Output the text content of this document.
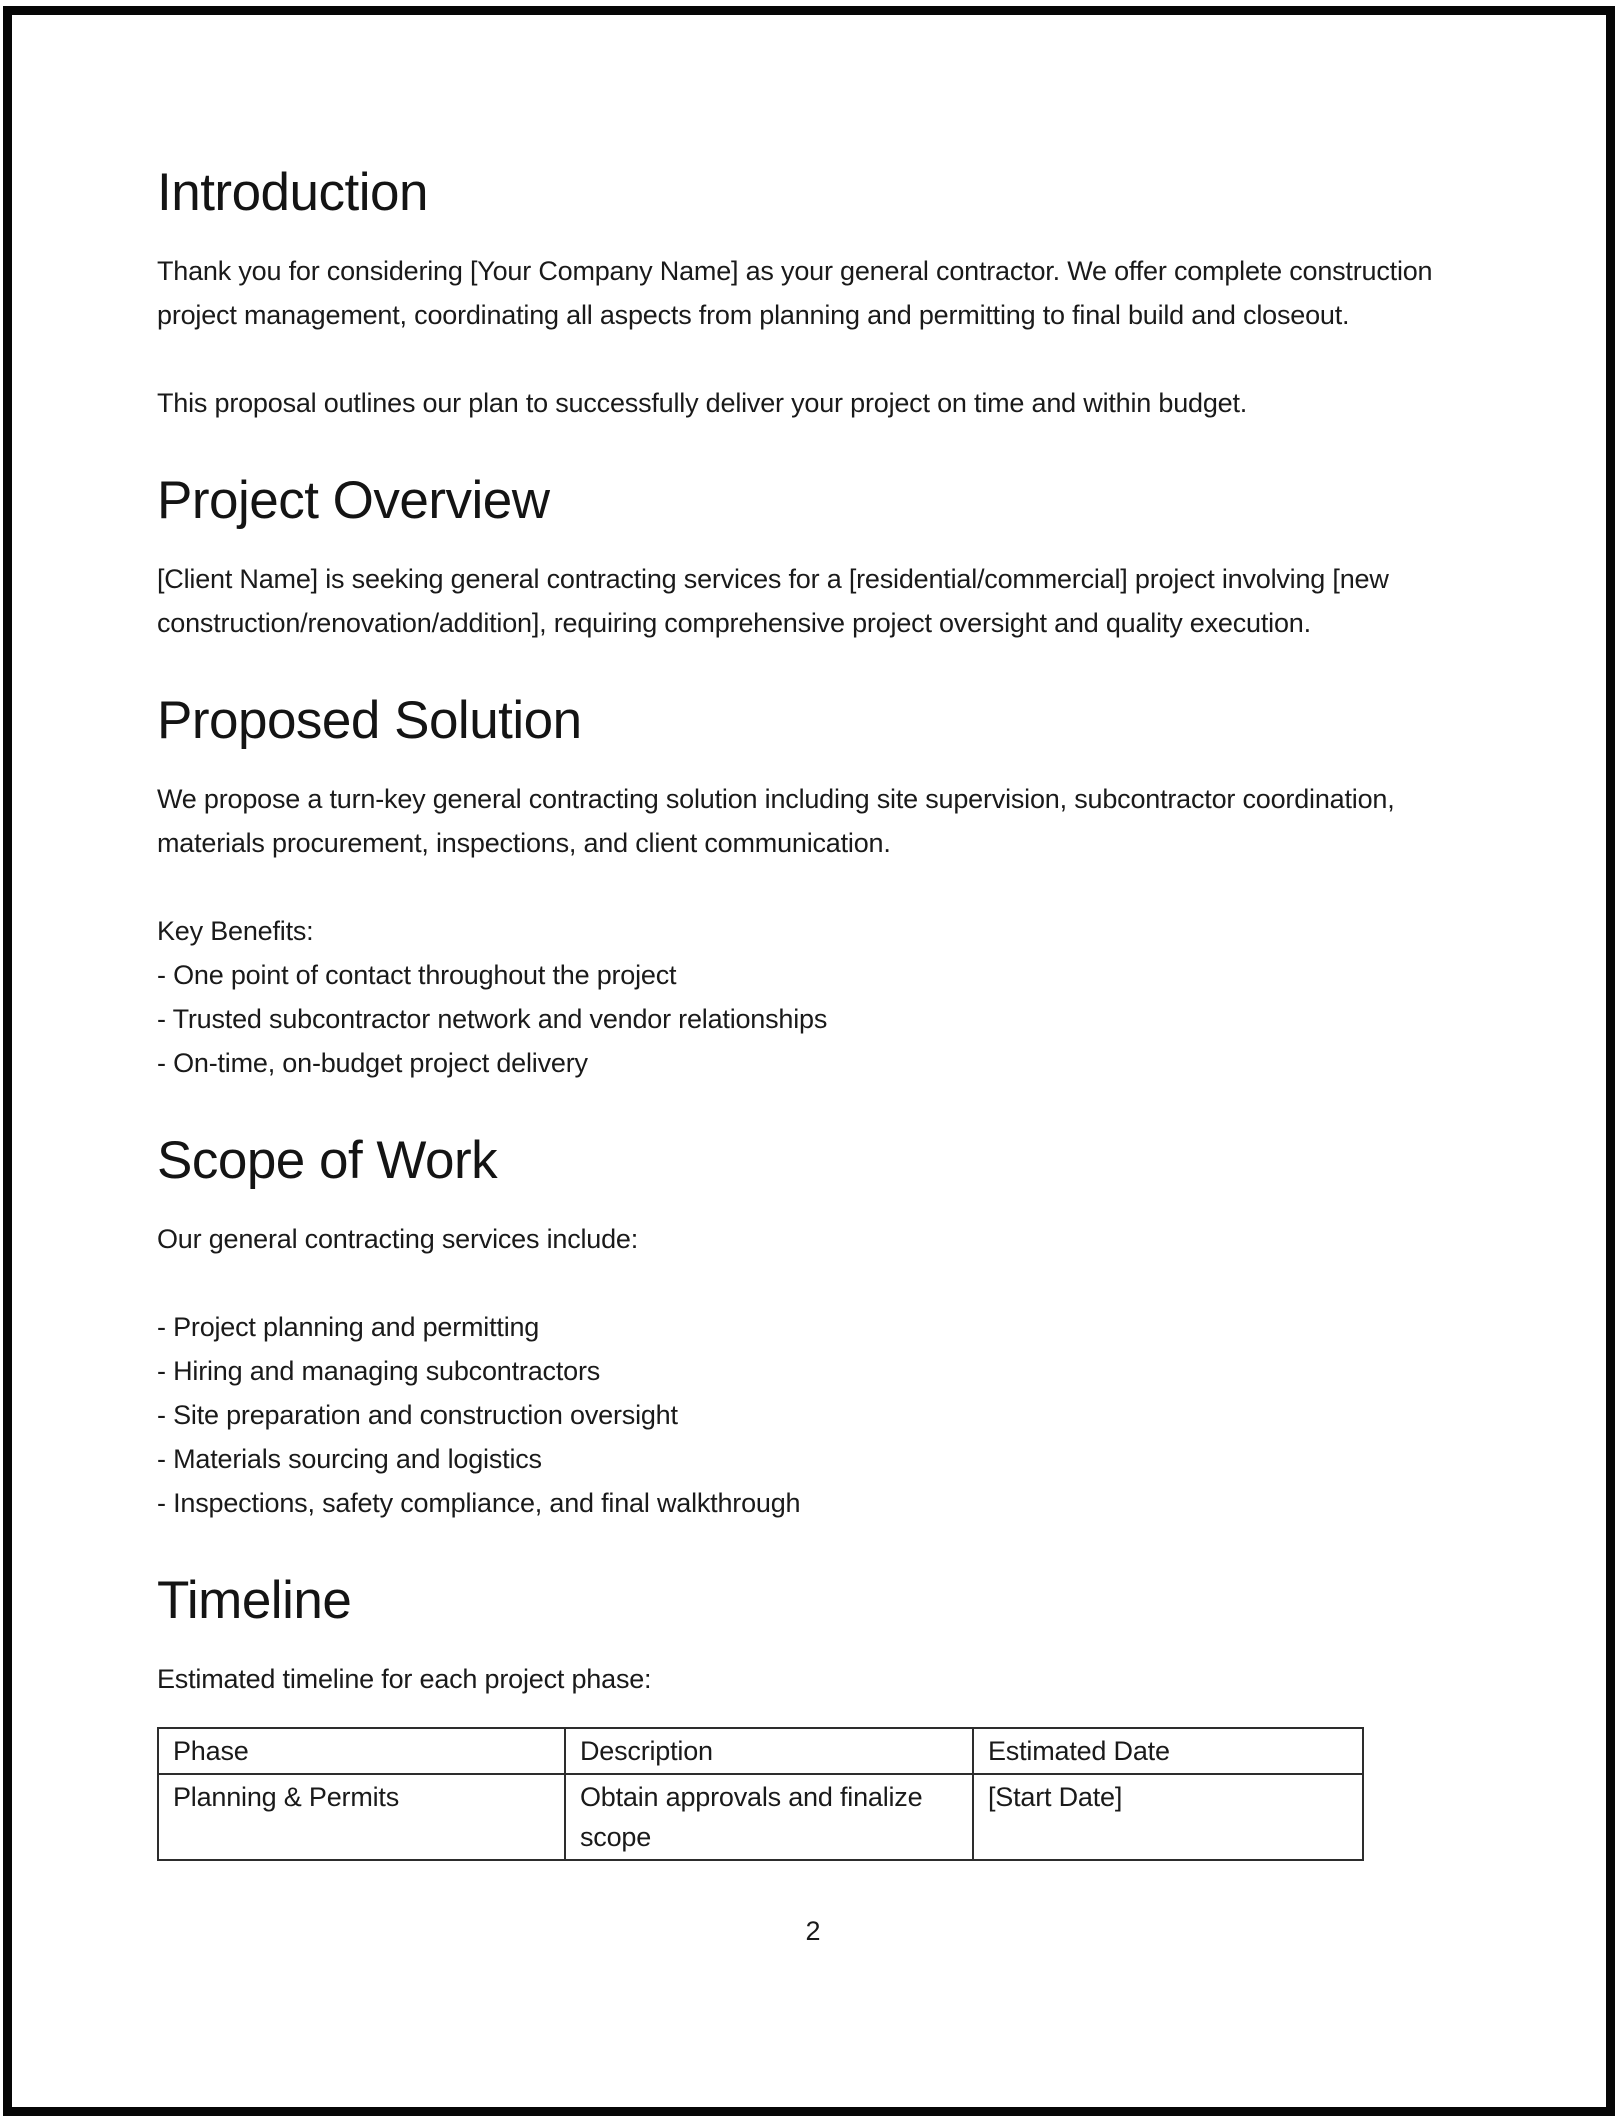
Introduction

Thank you for considering [Your Company Name] as your general contractor. We offer complete construction project management, coordinating all aspects from planning and permitting to final build and closeout.

This proposal outlines our plan to successfully deliver your project on time and within budget.

Project Overview

[Client Name] is seeking general contracting services for a [residential/commercial] project involving [new construction/renovation/addition], requiring comprehensive project oversight and quality execution.

Proposed Solution

We propose a turn-key general contracting solution including site supervision, subcontractor coordination, materials procurement, inspections, and client communication.

Key Benefits:
- One point of contact throughout the project
- Trusted subcontractor network and vendor relationships
- On-time, on-budget project delivery
Scope of Work

Our general contracting services include:

- Project planning and permitting
- Hiring and managing subcontractors
- Site preparation and construction oversight
- Materials sourcing and logistics
- Inspections, safety compliance, and final walkthrough
Timeline

Estimated timeline for each project phase:

Phase	Description	Estimated Date
Planning & Permits	Obtain approvals and finalize scope	[Start Date]
2
